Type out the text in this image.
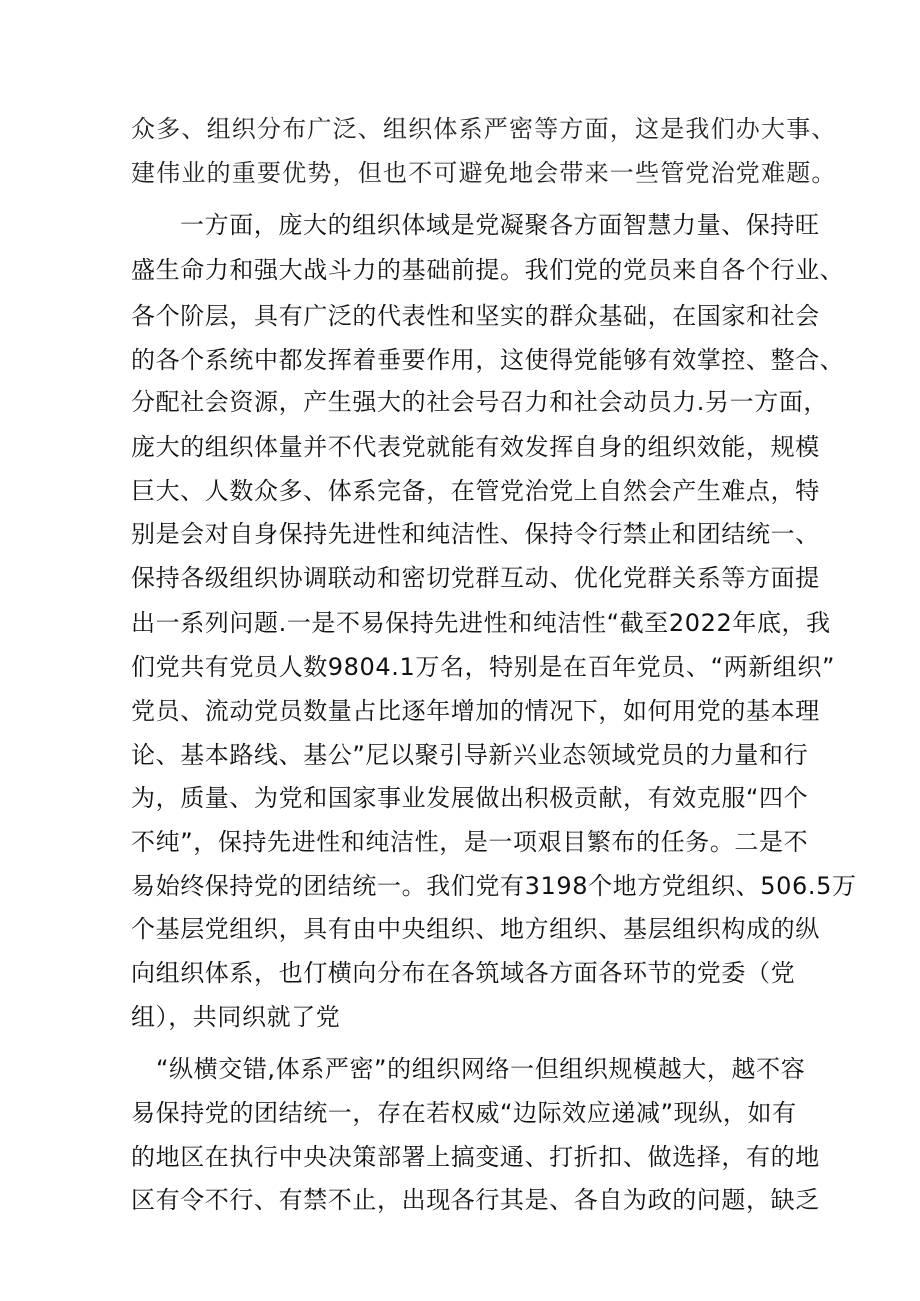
众多、组织分布广泛、组织体系严密等方面，这是我们办大事、
建伟业的重要优势，但也不可避免地会带来一些管党治党难题。
一方面，庞大的组织体域是党凝聚各方面智慧力量、保持旺
盛生命力和强大战斗力的基础前提。我们党的党员来自各个行业、
各个阶层，具有广泛的代表性和坚实的群众基础，在国家和社会
的各个系统中都发挥着垂要作用，这使得党能够有效掌控、整合、
分配社会资源，产生强大的社会号召力和社会动员力.另一方面，
庞大的组织体量并不代表党就能有效发挥自身的组织效能，规模
巨大、人数众多、体系完备，在管党治党上自然会产生难点，特
别是会对自身保持先进性和纯洁性、保持令行禁止和团结统一、
保持各级组织协调联动和密切党群互动、优化党群关系等方面提
出一系列问题.一是不易保持先进性和纯洁性“截至2022年底，我
们党共有党员人数9804.1万名，特别是在百年党员、“两新组织”
党员、流动党员数量占比逐年增加的情况下，如何用党的基本理
论、基本路线、基公”尼以聚引导新兴业态领域党员的力量和行
为，质量、为党和国家事业发展做出积极贡献，有效克服“四个
不纯”，保持先进性和纯洁性，是一项艰目繁布的任务。二是不
易始终保持党的团结统一。我们党有3198个地方党组织、506.5万
个基层党组织，具有由中央组织、地方组织、基层组织构成的纵
向组织体系，也仃横向分布在各筑域各方面各环节的党委（党
组），共同织就了党
“纵横交错,体系严密”的组织网络一但组织规模越大，越不容
易保持党的团结统一，存在若权威“边际效应递减”现纵，如有
的地区在执行中央决策部署上搞变通、打折扣、做选择，有的地
区有令不行、有禁不止，出现各行其是、各自为政的问题，缺乏
